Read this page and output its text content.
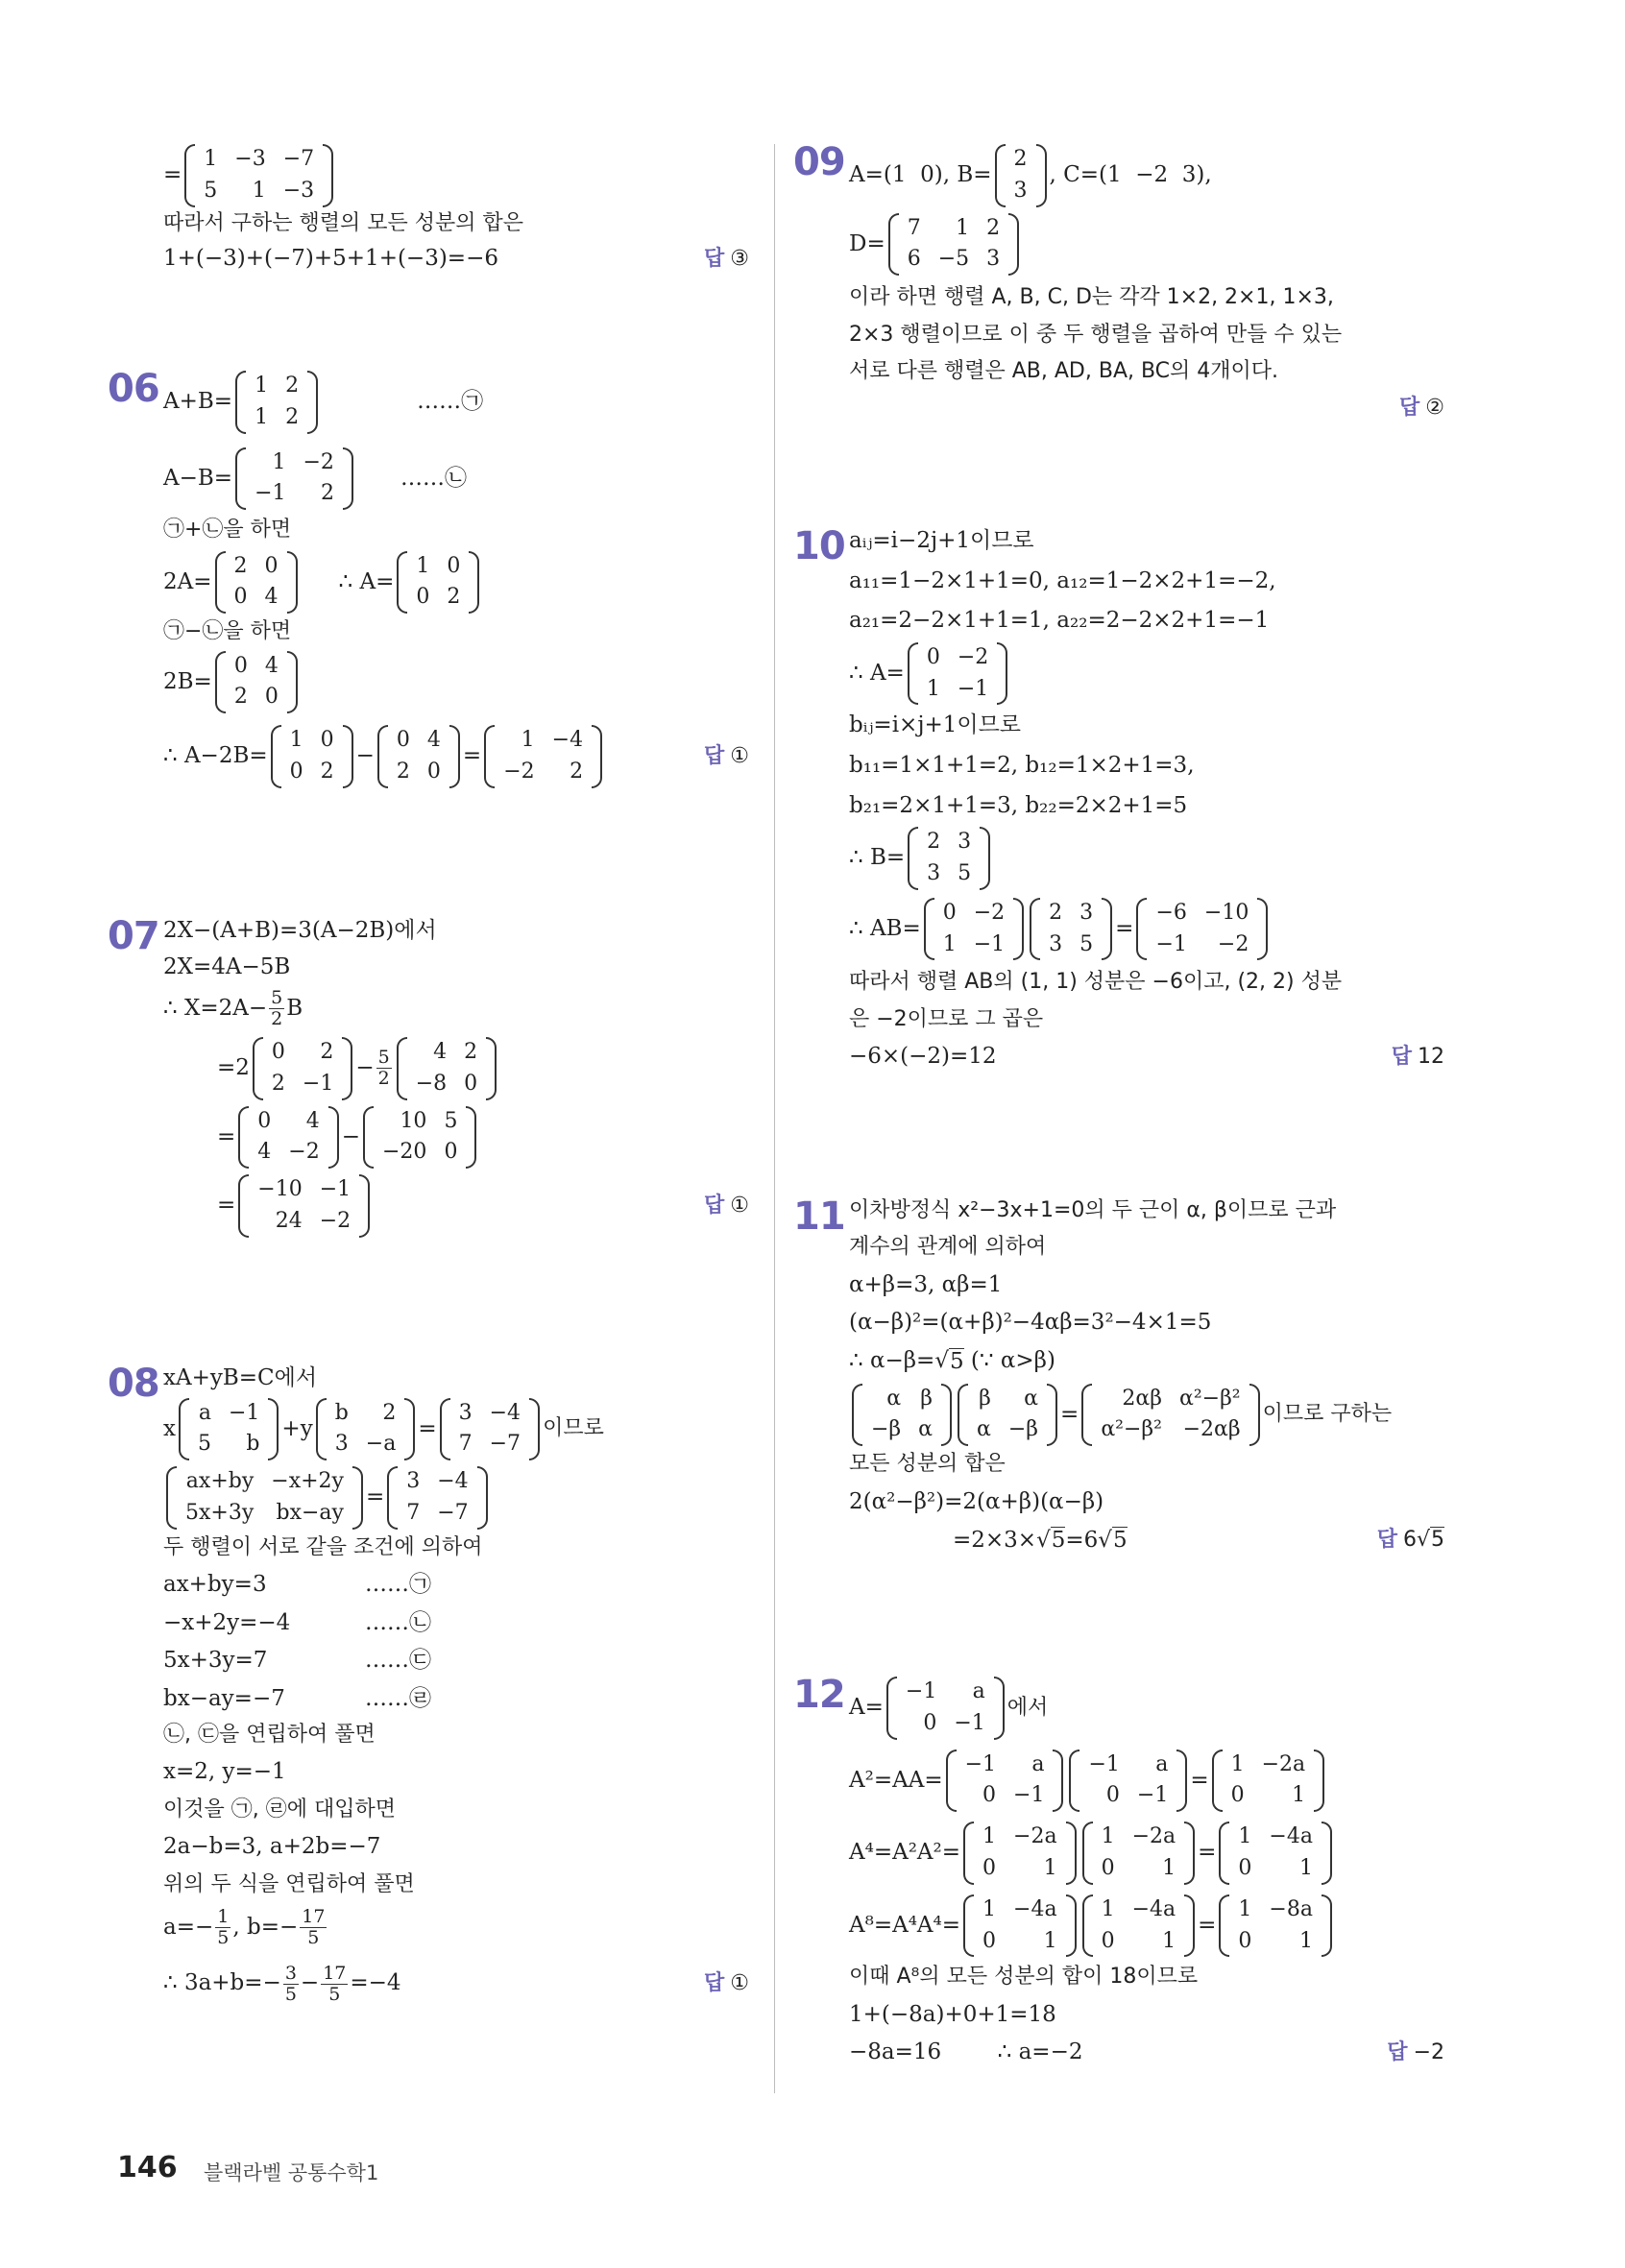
=
1	−3	−7
5	1	−3
따라서 구하는 행렬의 모든 성분의 합은
1+(−3)+(−7)+5+1+(−3)=−6	답 ③
06 A+B=
1	2
1	2
……㉠
A−B=
1	−2
−1	2
……㉡
㉠+㉡을 하면
2A=
2	0
0	4
∴ A=
1	0
0	2
㉠−㉡을 하면
2B=
0	4
2	0
∴ A−2B=
1	0
0	2
−
0	4
2	0
=
1	−4
−2	2
답 ①
07 2X−(A+B)=3(A−2B)에서
2X=4A−5B
∴ $X=2A- \frac{5}{2}$ B
=2
0	2
2	−1
− $\frac{5}{2} 4$	2
−8	0
=
0	4
4	−2
−
10	5
−20	0
=
−10	−1
24	−2
답 ①
08 xA+yB=C에서
x
a	−1
5	b
+y
b	2
3	−a
=
3	−4
7	−7
이므로
ax+by	−x+2y
5x+3y	bx−ay
=
3	−4
7	−7
두 행렬이 서로 같을 조건에 의하여
ax+by=3	……㉠
−x+2y=−4	……㉡
5x+3y=7	……㉢
bx−ay=−7	……㉣
㉡, ㉢을 연립하여 풀면
x=2, y=−1
이것을 ㉠, ㉣에 대입하면
2a−b=3, a+2b=−7
위의 두 식을 연립하여 풀면
$a=- \frac{1}{5}$ , $b=- \frac{17}{5}$
∴ $3a+b=- \frac{3}{5} - \frac{17}{5} =-4$	답 ①
09 A=(1  0), B=
2
3
, C=(1  −2  3),
D=
7	1	2
6	−5	3
이라 하면 행렬 A, B, C, D는 각각 1×2, 2×1, 1×3,
2×3 행렬이므로 이 중 두 행렬을 곱하여 만들 수 있는
서로 다른 행렬은 AB, AD, BA, BC의 4개이다.
답 ②
10 aᵢⱼ=i−2j+1이므로
a₁₁=1−2×1+1=0, a₁₂=1−2×2+1=−2,
a₂₁=2−2×1+1=1, a₂₂=2−2×2+1=−1
∴ A=
0	−2
1	−1
bᵢⱼ=i×j+1이므로
b₁₁=1×1+1=2, b₁₂=1×2+1=3,
b₂₁=2×1+1=3, b₂₂=2×2+1=5
∴ B=
2	3
3	5
∴ AB=
0	−2
1	−1
2	3
3	5
=
−6	−10
−1	−2
따라서 행렬 AB의 (1, 1) 성분은 −6이고, (2, 2) 성분
은 −2이므로 그 곱은
−6×(−2)=12	답 12
11 이차방정식 x²−3x+1=0의 두 근이 α, β이므로 근과
계수의 관계에 의하여
α+β=3, αβ=1
(α−β)²=(α+β)²−4αβ=3²−4×1=5
∴ α−β=√ 5 (∵ α>β)
α	β
−β	α
β	α
α	−β
=
2αβ	α²−β²
α²−β²	−2αβ
이므로 구하는
모든 성분의 합은
2(α²−β²)=2(α+β)(α−β)
=2×3×√ 5 =6√ 5	답 6√5
12 A=
−1	a
0	−1
에서
A²=AA=
−1	a
0	−1
−1	a
0	−1
=
1	−2a
0	1
A⁴=A²A²=
1	−2a
0	1
1	−2a
0	1
=
1	−4a
0	1
A⁸=A⁴A⁴=
1	−4a
0	1
1	−4a
0	1
=
1	−8a
0	1
이때 A⁸의 모든 성분의 합이 18이므로
1+(−8a)+0+1=18
−8a=16        ∴ a=−2	답 −2
146 블랙라벨 공통수학1
